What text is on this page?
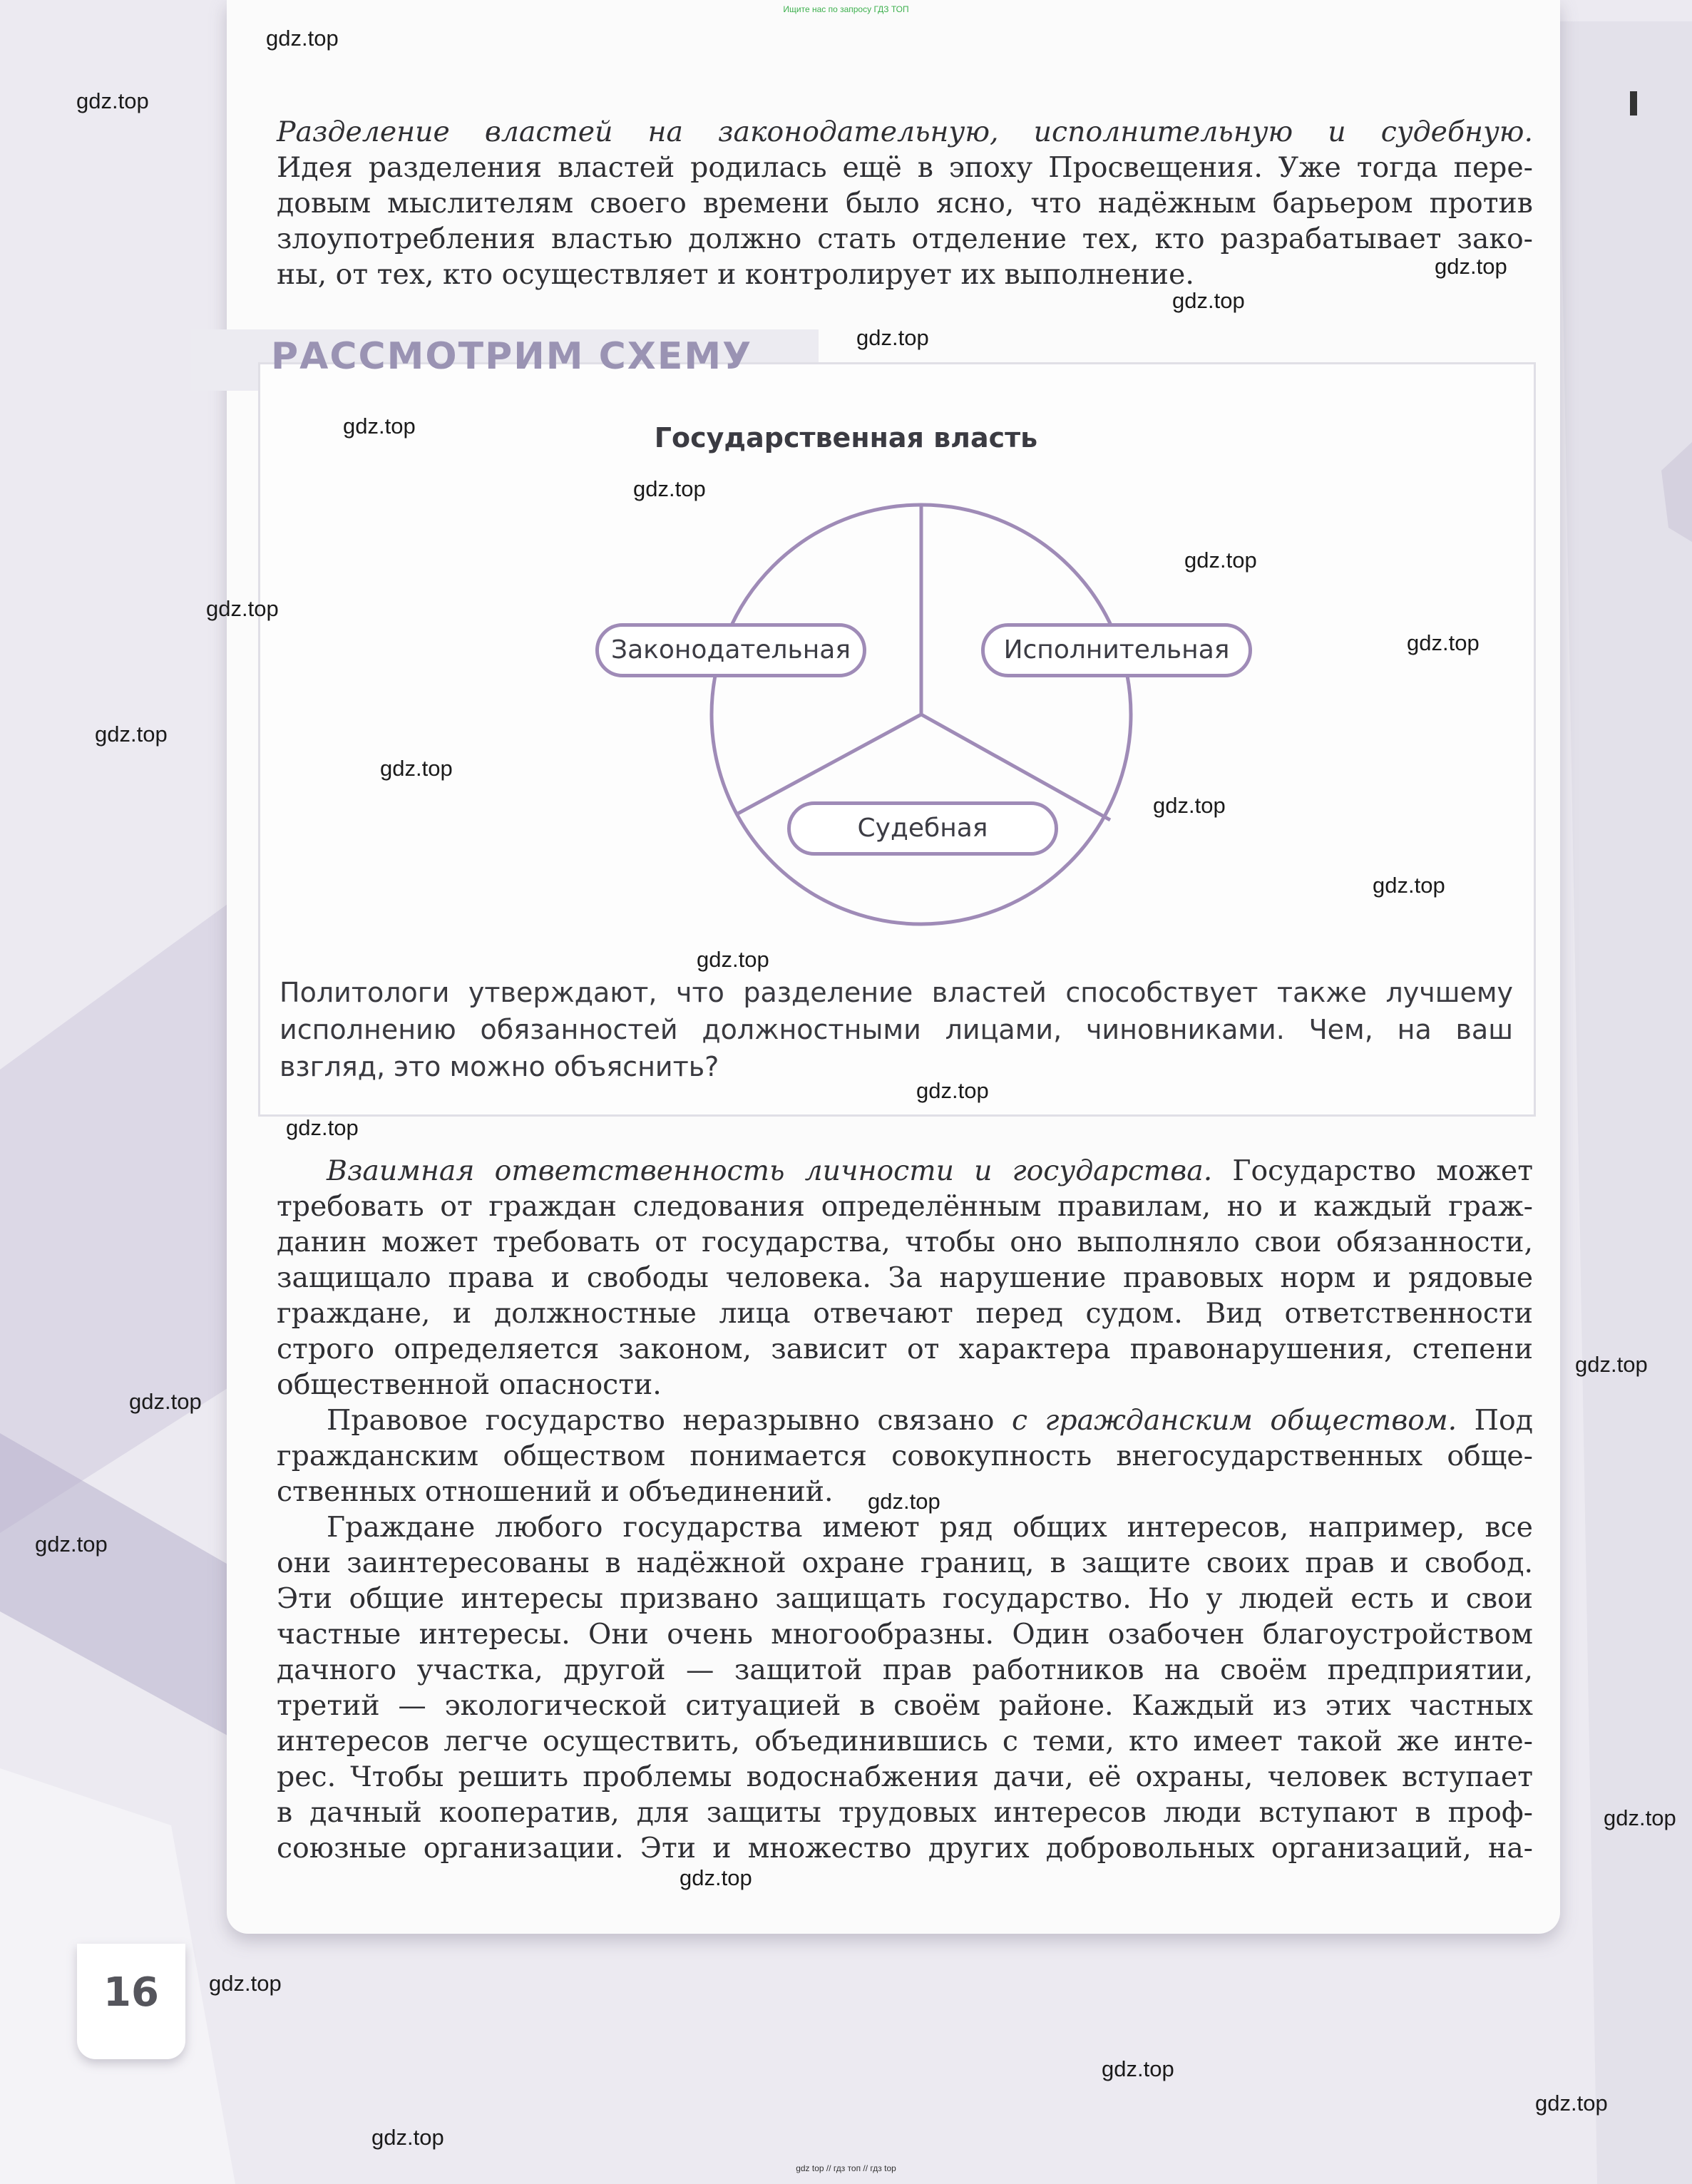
Ищите нас по запросу ГДЗ ТОП

Разделение властей на законодательную, исполнительную и судебную.
Идея разделения властей родилась ещё в эпоху Просвещения. Уже тогда пере-
довым мыслителям своего времени было ясно, что надёжным барьером против
злоупотребления властью должно стать отделение тех, кто разрабатывает зако-
ны, от тех, кто осуществляет и контролирует их выполнение.

РАССМОТРИМ СХЕМУ
Государственная власть
Законодательная	Исполнительная
Судебная

Политологи утверждают, что разделение властей способствует также лучшему исполнению обязанностей должностными лицами, чиновниками. Чем, на ваш взгляд, это можно объяснить?

Взаимная ответственность личности и государства. Государство может
требовать от граждан следования определённым правилам, но и каждый граж-
данин может требовать от государства, чтобы оно выполняло свои обязанности,
защищало права и свободы человека. За нарушение правовых норм и рядовые
граждане, и должностные лица отвечают перед судом. Вид ответственности
строго определяется законом, зависит от характера правонарушения, степени
общественной опасности.

Правовое государство неразрывно связано с гражданским обществом. Под
гражданским обществом понимается совокупность внегосударственных обще-
ственных отношений и объединений.

Граждане любого государства имеют ряд общих интересов, например, все
они заинтересованы в надёжной охране границ, в защите своих прав и свобод.
Эти общие интересы призвано защищать государство. Но у людей есть и свои
частные интересы. Они очень многообразны. Один озабочен благоустройством
дачного участка, другой — защитой прав работников на своём предприятии,
третий — экологической ситуацией в своём районе. Каждый из этих частных
интересов легче осуществить, объединившись с теми, кто имеет такой же инте-
рес. Чтобы решить проблемы водоснабжения дачи, её охраны, человек вступает
в дачный кооператив, для защиты трудовых интересов люди вступают в проф-
союзные организации. Эти и множество других добровольных организаций, на-

16
gdz.top
gdz.top
gdz.top
gdz.top
gdz.top
gdz.top
gdz.top
gdz.top
gdz.top
gdz.top
gdz.top
gdz.top
gdz.top
gdz.top
gdz.top
gdz.top
gdz.top
gdz.top
gdz.top
gdz.top
gdz.top
gdz.top
gdz.top
gdz.top
gdz.top
gdz.top
gdz.top
gdz top // гдз топ // гдз top
